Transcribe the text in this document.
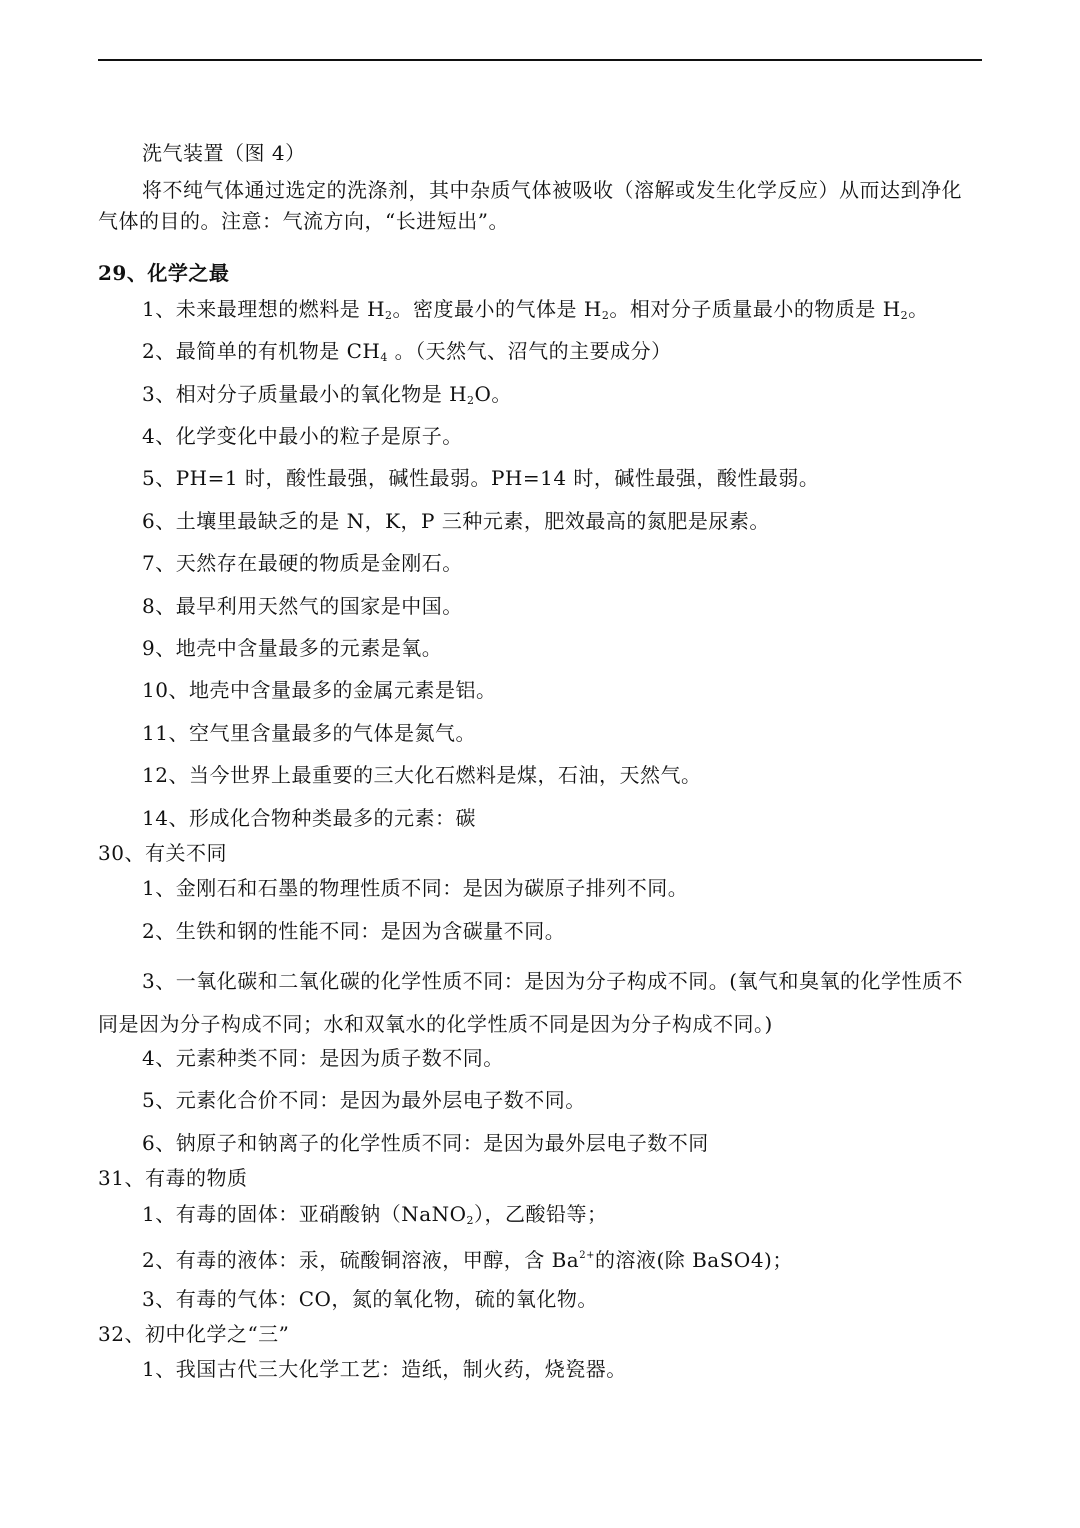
洗气装置（图 4）
将不纯气体通过选定的洗涤剂，其中杂质气体被吸收（溶解或发生化学反应）从而达到净化气体的目的。注意：气流方向，“长进短出”。
29、化学之最
1、未来最理想的燃料是 $H_2$。密度最小的气体是 $H_2$。相对分子质量最小的物质是 $H_2$。
2、最简单的有机物是 $CH_4$ 。（天然气、沼气的主要成分）
3、相对分子质量最小的氧化物是 $H_2O$。
4、化学变化中最小的粒子是原子。
5、PH=1 时，酸性最强，碱性最弱。PH=14 时，碱性最强，酸性最弱。
6、土壤里最缺乏的是 N，K，P 三种元素，肥效最高的氮肥是尿素。
7、天然存在最硬的物质是金刚石。
8、最早利用天然气的国家是中国。
9、地壳中含量最多的元素是氧。
10、地壳中含量最多的金属元素是铝。
11、空气里含量最多的气体是氮气。
12、当今世界上最重要的三大化石燃料是煤，石油，天然气。
14、形成化合物种类最多的元素：碳
30、有关不同
1、金刚石和石墨的物理性质不同：是因为碳原子排列不同。
2、生铁和钢的性能不同：是因为含碳量不同。
3、一氧化碳和二氧化碳的化学性质不同：是因为分子构成不同。(氧气和臭氧的化学性质不同是因为分子构成不同；水和双氧水的化学性质不同是因为分子构成不同。)
4、元素种类不同：是因为质子数不同。
5、元素化合价不同：是因为最外层电子数不同。
6、钠原子和钠离子的化学性质不同：是因为最外层电子数不同
31、有毒的物质
1、有毒的固体：亚硝酸钠（NaNO$_2$），乙酸铅等；
2、有毒的液体：汞，硫酸铜溶液，甲醇，含 $Ba^{2+}$的溶液(除 BaSO4)；
3、有毒的气体：CO，氮的氧化物，硫的氧化物。
32、初中化学之“三”
1、我国古代三大化学工艺：造纸，制火药，烧瓷器。
